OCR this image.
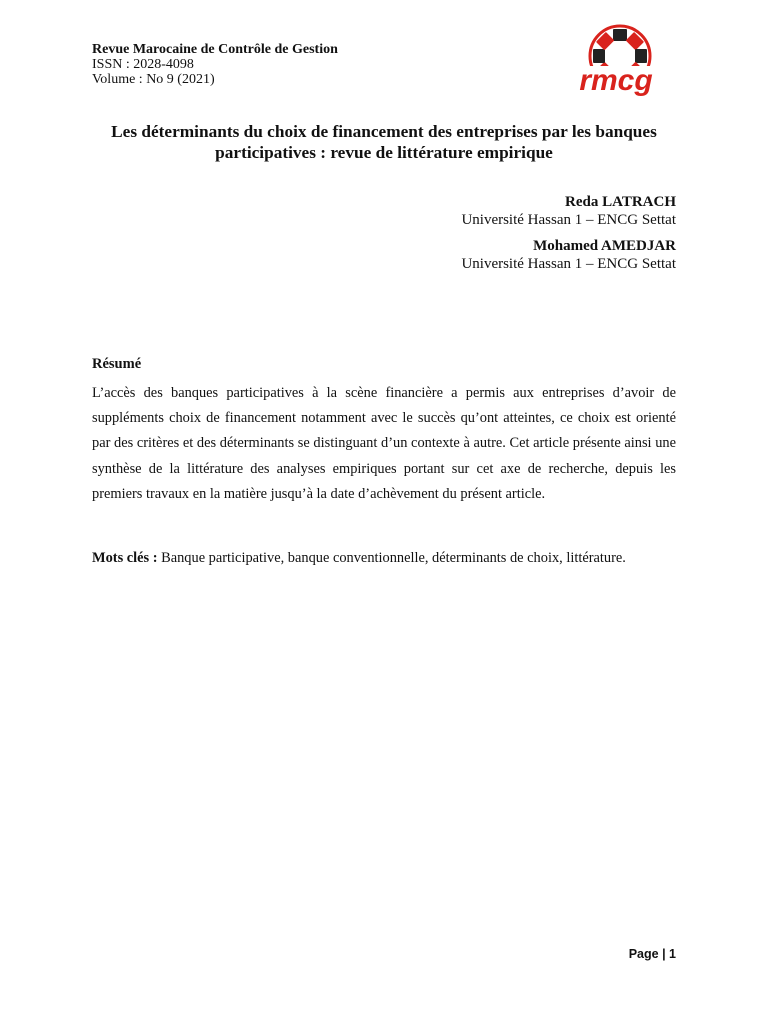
Revue Marocaine de Contrôle de Gestion
ISSN : 2028-4098
Volume : No 9 (2021)	rmcg
Les déterminants du choix de financement des entreprises par les banques participatives : revue de littérature empirique
Reda LATRACH
Université Hassan 1 – ENCG Settat
Mohamed AMEDJAR
Université Hassan 1 – ENCG Settat
Résumé

L’accès des banques participatives à la scène financière a permis aux entreprises d’avoir de suppléments choix de financement notamment avec le succès qu’ont atteintes, ce choix est orienté par des critères et des déterminants se distinguant d’un contexte à autre. Cet article présente ainsi une synthèse de la littérature des analyses empiriques portant sur cet axe de recherche, depuis les premiers travaux en la matière jusqu’à la date d’achèvement du présent article.

Mots clés : Banque participative, banque conventionnelle, déterminants de choix, littérature.
Page | 1
